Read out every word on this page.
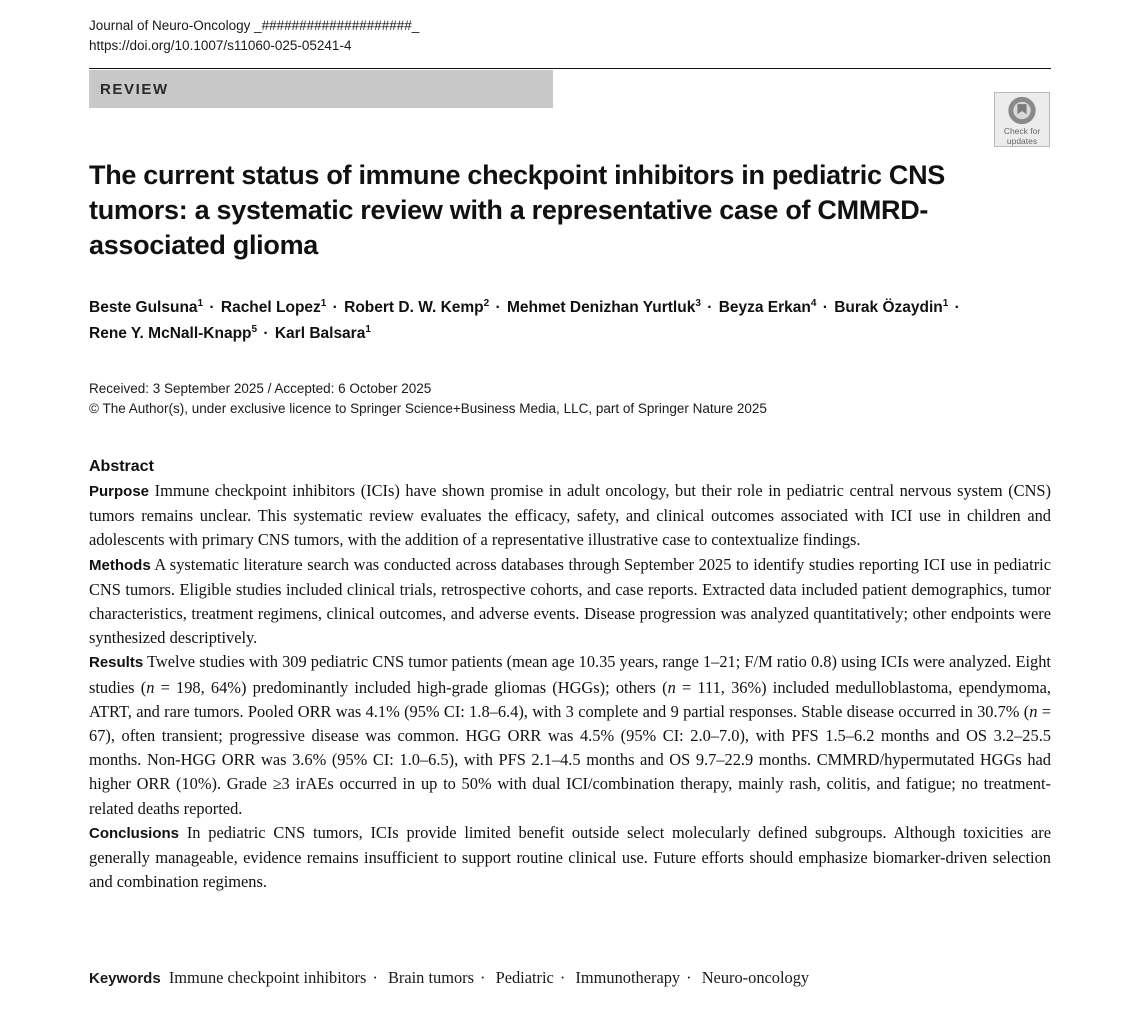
Journal of Neuro-Oncology _####################_
https://doi.org/10.1007/s11060-025-05241-4
REVIEW
Check for
updates
The current status of immune checkpoint inhibitors in pediatric CNS tumors: a systematic review with a representative case of CMMRD-associated glioma
Beste Gulsuna$^1$ · Rachel Lopez$^1$ · Robert D. W. Kemp$^2$ · Mehmet Denizhan Yurtluk$^3$ · Beyza Erkan$^4$ · Burak Özaydin$^1$ ·
Rene Y. McNall-Knapp$^5$ · Karl Balsara$^1$
Received: 3 September 2025 / Accepted: 6 October 2025
© The Author(s), under exclusive licence to Springer Science+Business Media, LLC, part of Springer Nature 2025
Abstract

Purpose Immune checkpoint inhibitors (ICIs) have shown promise in adult oncology, but their role in pediatric central nervous system (CNS) tumors remains unclear. This systematic review evaluates the efficacy, safety, and clinical outcomes associated with ICI use in children and adolescents with primary CNS tumors, with the addition of a representative illustrative case to contextualize findings.

Methods A systematic literature search was conducted across databases through September 2025 to identify studies reporting ICI use in pediatric CNS tumors. Eligible studies included clinical trials, retrospective cohorts, and case reports. Extracted data included patient demographics, tumor characteristics, treatment regimens, clinical outcomes, and adverse events. Disease progression was analyzed quantitatively; other endpoints were synthesized descriptively.

Results Twelve studies with 309 pediatric CNS tumor patients (mean age 10.35 years, range 1–21; F/M ratio 0.8) using ICIs were analyzed. Eight studies (n = 198, 64%) predominantly included high-grade gliomas (HGGs); others (n = 111, 36%) included medulloblastoma, ependymoma, ATRT, and rare tumors. Pooled ORR was 4.1% (95% CI: 1.8–6.4), with 3 complete and 9 partial responses. Stable disease occurred in 30.7% (n = 67), often transient; progressive disease was common. HGG ORR was 4.5% (95% CI: 2.0–7.0), with PFS 1.5–6.2 months and OS 3.2–25.5 months. Non-HGG ORR was 3.6% (95% CI: 1.0–6.5), with PFS 2.1–4.5 months and OS 9.7–22.9 months. CMMRD/hypermutated HGGs had higher ORR (10%). Grade ≥3 irAEs occurred in up to 50% with dual ICI/combination therapy, mainly rash, colitis, and fatigue; no treatment-related deaths reported.

Conclusions In pediatric CNS tumors, ICIs provide limited benefit outside select molecularly defined subgroups. Although toxicities are generally manageable, evidence remains insufficient to support routine clinical use. Future efforts should emphasize biomarker-driven selection and combination regimens.

Keywords Immune checkpoint inhibitors · Brain tumors · Pediatric · Immunotherapy · Neuro-oncology
